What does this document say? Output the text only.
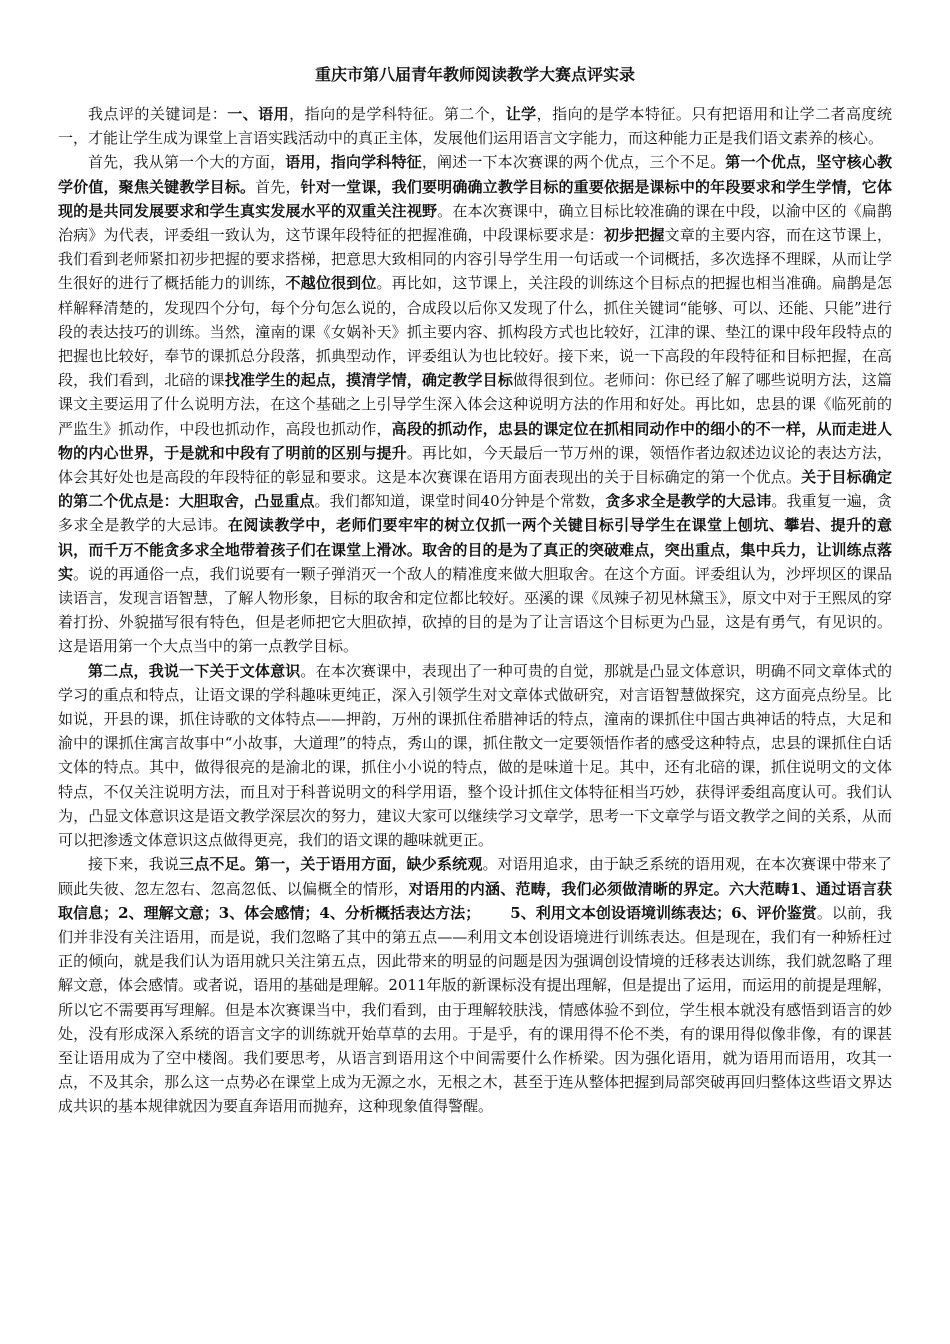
重庆市第八届青年教师阅读教学大赛点评实录

我点评的关键词是：一、语用，指向的是学科特征。第二个，让学，指向的是学本特征。只有把语用和让学二者高度统一，才能让学生成为课堂上言语实践活动中的真正主体，发展他们运用语言文字能力，而这种能力正是我们语文素养的核心。

首先，我从第一个大的方面，语用，指向学科特征，阐述一下本次赛课的两个优点，三个不足。第一个优点，坚守核心教学价值，聚焦关键教学目标。首先，针对一堂课，我们要明确确立教学目标的重要依据是课标中的年段要求和学生学情，它体现的是共同发展要求和学生真实发展水平的双重关注视野。在本次赛课中，确立目标比较准确的课在中段，以渝中区的《扁鹊治病》为代表，评委组一致认为，这节课年段特征的把握准确，中段课标要求是：初步把握文章的主要内容，而在这节课上，我们看到老师紧扣初步把握的要求搭梯，把意思大致相同的内容引导学生用一句话或一个词概括，多次选择不理睬，从而让学生很好的进行了概括能力的训练，不越位很到位。再比如，这节课上，关注段的训练这个目标点的把握也相当准确。扁鹊是怎样解释清楚的，发现四个分句，每个分句怎么说的，合成段以后你又发现了什么，抓住关键词“能够、可以、还能、只能”进行段的表达技巧的训练。当然，潼南的课《女娲补天》抓主要内容、抓构段方式也比较好，江津的课、垫江的课中段年段特点的把握也比较好，奉节的课抓总分段落，抓典型动作，评委组认为也比较好。接下来，说一下高段的年段特征和目标把握，在高段，我们看到，北碚的课找准学生的起点，摸清学情，确定教学目标做得很到位。老师问：你已经了解了哪些说明方法，这篇课文主要运用了什么说明方法，在这个基础之上引导学生深入体会这种说明方法的作用和好处。再比如，忠县的课《临死前的严监生》抓动作，中段也抓动作，高段也抓动作，高段的抓动作，忠县的课定位在抓相同动作中的细小的不一样，从而走进人物的内心世界，于是就和中段有了明前的区别与提升。再比如，今天最后一节万州的课，领悟作者边叙述边议论的表达方法，体会其好处也是高段的年段特征的彰显和要求。这是本次赛课在语用方面表现出的关于目标确定的第一个优点。关于目标确定的第二个优点是：大胆取舍，凸显重点。我们都知道，课堂时间40分钟是个常数，贪多求全是教学的大忌讳。我重复一遍，贪多求全是教学的大忌讳。在阅读教学中，老师们要牢牢的树立仅抓一两个关键目标引导学生在课堂上刨坑、攀岩、提升的意识，而千万不能贪多求全地带着孩子们在课堂上滑冰。取舍的目的是为了真正的突破难点，突出重点，集中兵力，让训练点落实。说的再通俗一点，我们说要有一颗子弹消灭一个敌人的精准度来做大胆取舍。在这个方面。评委组认为，沙坪坝区的课品读语言，发现言语智慧，了解人物形象，目标的取舍和定位都比较好。巫溪的课《凤辣子初见林黛玉》，原文中对于王熙凤的穿着打扮、外貌描写很有特色，但是老师把它大胆砍掉，砍掉的目的是为了让言语这个目标更为凸显，这是有勇气，有见识的。这是语用第一个大点当中的第一点教学目标。

第二点，我说一下关于文体意识。在本次赛课中，表现出了一种可贵的自觉，那就是凸显文体意识，明确不同文章体式的学习的重点和特点，让语文课的学科趣味更纯正，深入引领学生对文章体式做研究，对言语智慧做探究，这方面亮点纷呈。比如说，开县的课，抓住诗歌的文体特点——押韵，万州的课抓住希腊神话的特点，潼南的课抓住中国古典神话的特点，大足和渝中的课抓住寓言故事中“小故事，大道理”的特点，秀山的课，抓住散文一定要领悟作者的感受这种特点，忠县的课抓住白话文体的特点。其中，做得很亮的是渝北的课，抓住小小说的特点，做的是味道十足。其中，还有北碚的课，抓住说明文的文体特点，不仅关注说明方法，而且对于科普说明文的科学用语，整个设计抓住文体特征相当巧妙，获得评委组高度认可。我们认为，凸显文体意识这是语文教学深层次的努力，建议大家可以继续学习文章学，思考一下文章学与语文教学之间的关系，从而可以把渗透文体意识这点做得更亮，我们的语文课的趣味就更正。

接下来，我说三点不足。第一，关于语用方面，缺少系统观。对语用追求，由于缺乏系统的语用观，在本次赛课中带来了顾此失彼、忽左忽右、忽高忽低、以偏概全的情形，对语用的内涵、范畴，我们必须做清晰的界定。六大范畴1、通过语言获取信息；2、理解文意；3、体会感情；4、分析概括表达方法；  5、利用文本创设语境训练表达；6、评价鉴赏。以前，我们并非没有关注语用，而是说，我们忽略了其中的第五点——利用文本创设语境进行训练表达。但是现在，我们有一种矫枉过正的倾向，就是我们认为语用就只关注第五点，因此带来的明显的问题是因为强调创设情境的迁移表达训练，我们就忽略了理解文意，体会感情。或者说，语用的基础是理解。2011年版的新课标没有提出理解，但是提出了运用，而运用的前提是理解，所以它不需要再写理解。但是本次赛课当中，我们看到，由于理解较肤浅，情感体验不到位，学生根本就没有感悟到语言的妙处，没有形成深入系统的语言文字的训练就开始草草的去用。于是乎，有的课用得不伦不类，有的课用得似像非像，有的课甚至让语用成为了空中楼阁。我们要思考，从语言到语用这个中间需要什么作桥梁。因为强化语用，就为语用而语用，攻其一点，不及其余，那么这一点势必在课堂上成为无源之水，无根之木，甚至于连从整体把握到局部突破再回归整体这些语文界达成共识的基本规律就因为要直奔语用而抛弃，这种现象值得警醒。
